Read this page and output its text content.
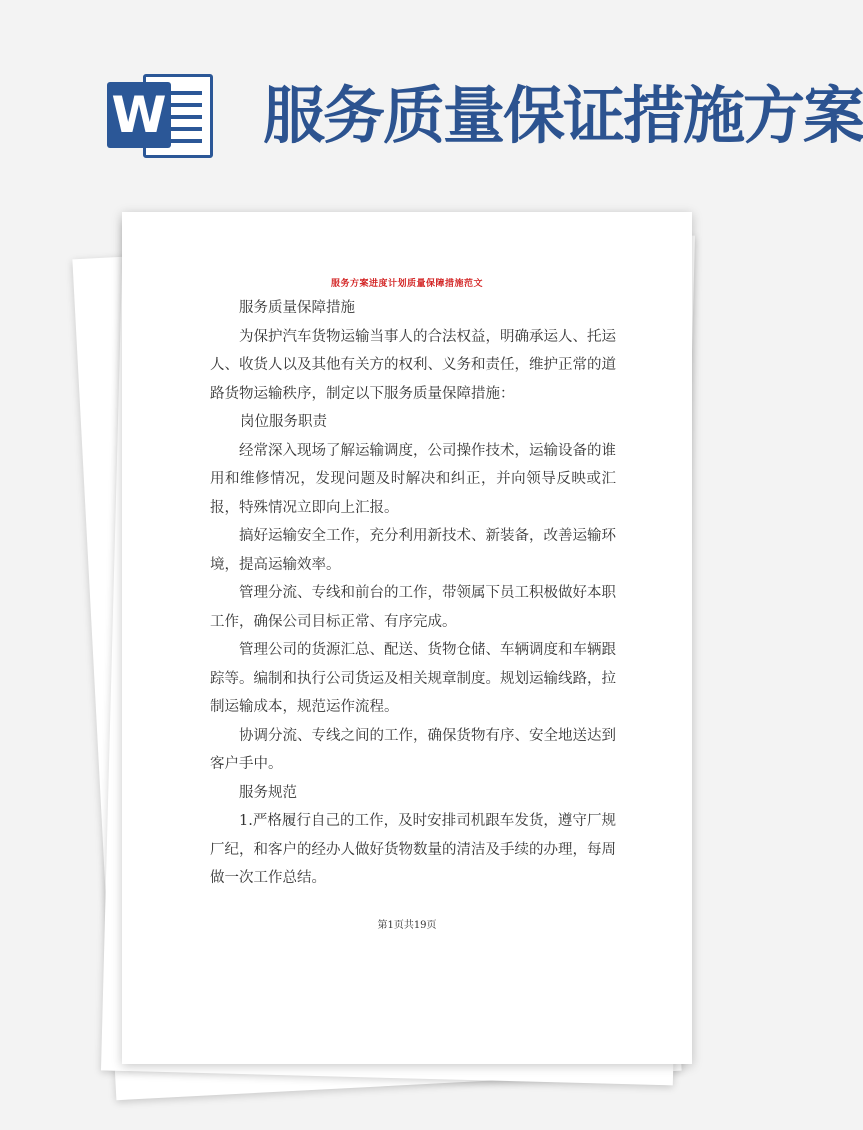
W 服务质量保证措施方案
服务方案进度计划质量保障措施范文

服务质量保障措施

为保护汽车货物运输当事人的合法权益，明确承运人、托运人、收货人以及其他有关方的权利、义务和责任，维护正常的道路货物运输秩序，制定以下服务质量保障措施：

岗位服务职责

经常深入现场了解运输调度，公司操作技术，运输设备的谁用和维修情况，发现问题及时解决和纠正，并向领导反映或汇报，特殊情况立即向上汇报。

搞好运输安全工作，充分利用新技术、新装备，改善运输环境，提高运输效率。

管理分流、专线和前台的工作，带领属下员工积极做好本职工作，确保公司目标正常、有序完成。

管理公司的货源汇总、配送、货物仓储、车辆调度和车辆跟踪等。编制和执行公司货运及相关规章制度。规划运输线路，拉制运输成本，规范运作流程。

协调分流、专线之间的工作，确保货物有序、安全地送达到客户手中。

服务规范

1.严格履行自己的工作，及时安排司机跟车发货，遵守厂规厂纪，和客户的经办人做好货物数量的清洁及手续的办理，每周做一次工作总结。

第1页共19页
